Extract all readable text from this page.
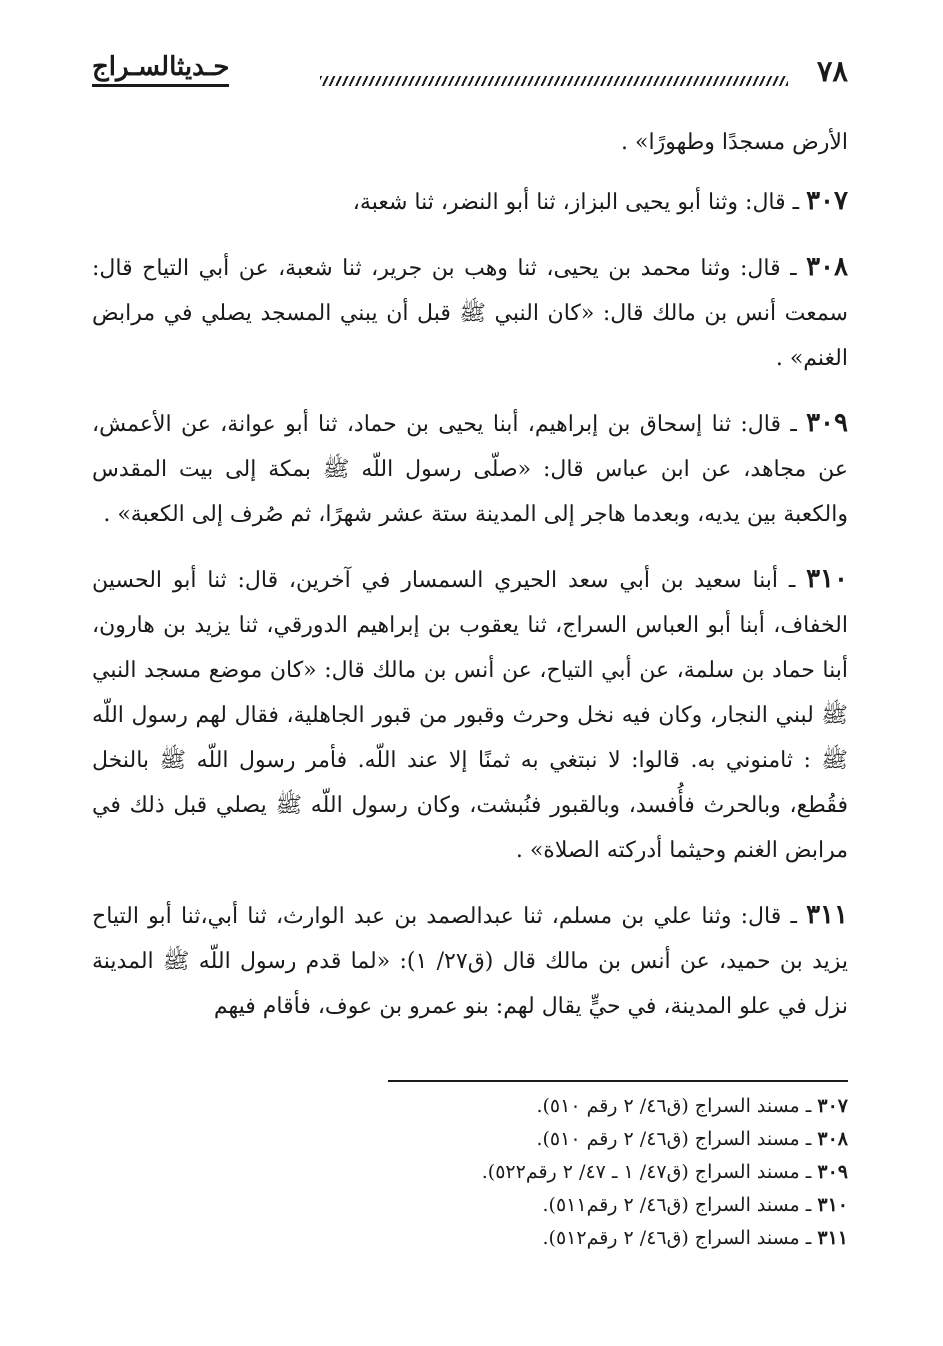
٧٨
حـديثالسـراج

الأرض مسجدًا وطهورًا» .

٣٠٧ ـ قال: وثنا أبو يحيى البزاز، ثنا أبو النضر، ثنا شعبة،

٣٠٨ ـ قال: وثنا محمد بن يحيى، ثنا وهب بن جرير، ثنا شعبة، عن أبي التياح قال: سمعت أنس بن مالك قال: «كان النبي ﷺ قبل أن يبني المسجد يصلي في مرابض الغنم» .

٣٠٩ ـ قال: ثنا إسحاق بن إبراهيم، أبنا يحيى بن حماد، ثنا أبو عوانة، عن الأعمش، عن مجاهد، عن ابن عباس قال: «صلّى رسول اللّه ﷺ بمكة إلى بيت المقدس والكعبة بين يديه، وبعدما هاجر إلى المدينة ستة عشر شهرًا، ثم صُرف إلى الكعبة» .

٣١٠ ـ أبنا سعيد بن أبي سعد الحيري السمسار في آخرين، قال: ثنا أبو الحسين الخفاف، أبنا أبو العباس السراج، ثنا يعقوب بن إبراهيم الدورقي، ثنا يزيد بن هارون، أبنا حماد بن سلمة، عن أبي التياح، عن أنس بن مالك قال: «كان موضع مسجد النبي ﷺ لبني النجار، وكان فيه نخل وحرث وقبور من قبور الجاهلية، فقال لهم رسول اللّه ﷺ : ثامنوني به. قالوا: لا نبتغي به ثمنًا إلا عند اللّه. فأمر رسول اللّه ﷺ بالنخل فقُطع، وبالحرث فأُفسد، وبالقبور فنُبشت، وكان رسول اللّه ﷺ يصلي قبل ذلك في مرابض الغنم وحيثما أدركته الصلاة» .

٣١١ ـ قال: وثنا علي بن مسلم، ثنا عبدالصمد بن عبد الوارث، ثنا أبي،ثنا أبو التياح يزيد بن حميد، عن أنس بن مالك قال (ق٢٧/ ١): «لما قدم رسول اللّه ﷺ المدينة نزل في علو المدينة، في حيٍّ يقال لهم: بنو عمرو بن عوف، فأقام فيهم

٣٠٧ ـ مسند السراج (ق٤٦/ ٢ رقم ٥١٠).
٣٠٨ ـ مسند السراج (ق٤٦/ ٢ رقم ٥١٠).
٣٠٩ ـ مسند السراج (ق٤٧/ ١ ـ ٤٧/ ٢ رقم٥٢٢).
٣١٠ ـ مسند السراج (ق٤٦/ ٢ رقم٥١١).
٣١١ ـ مسند السراج (ق٤٦/ ٢ رقم٥١٢).
